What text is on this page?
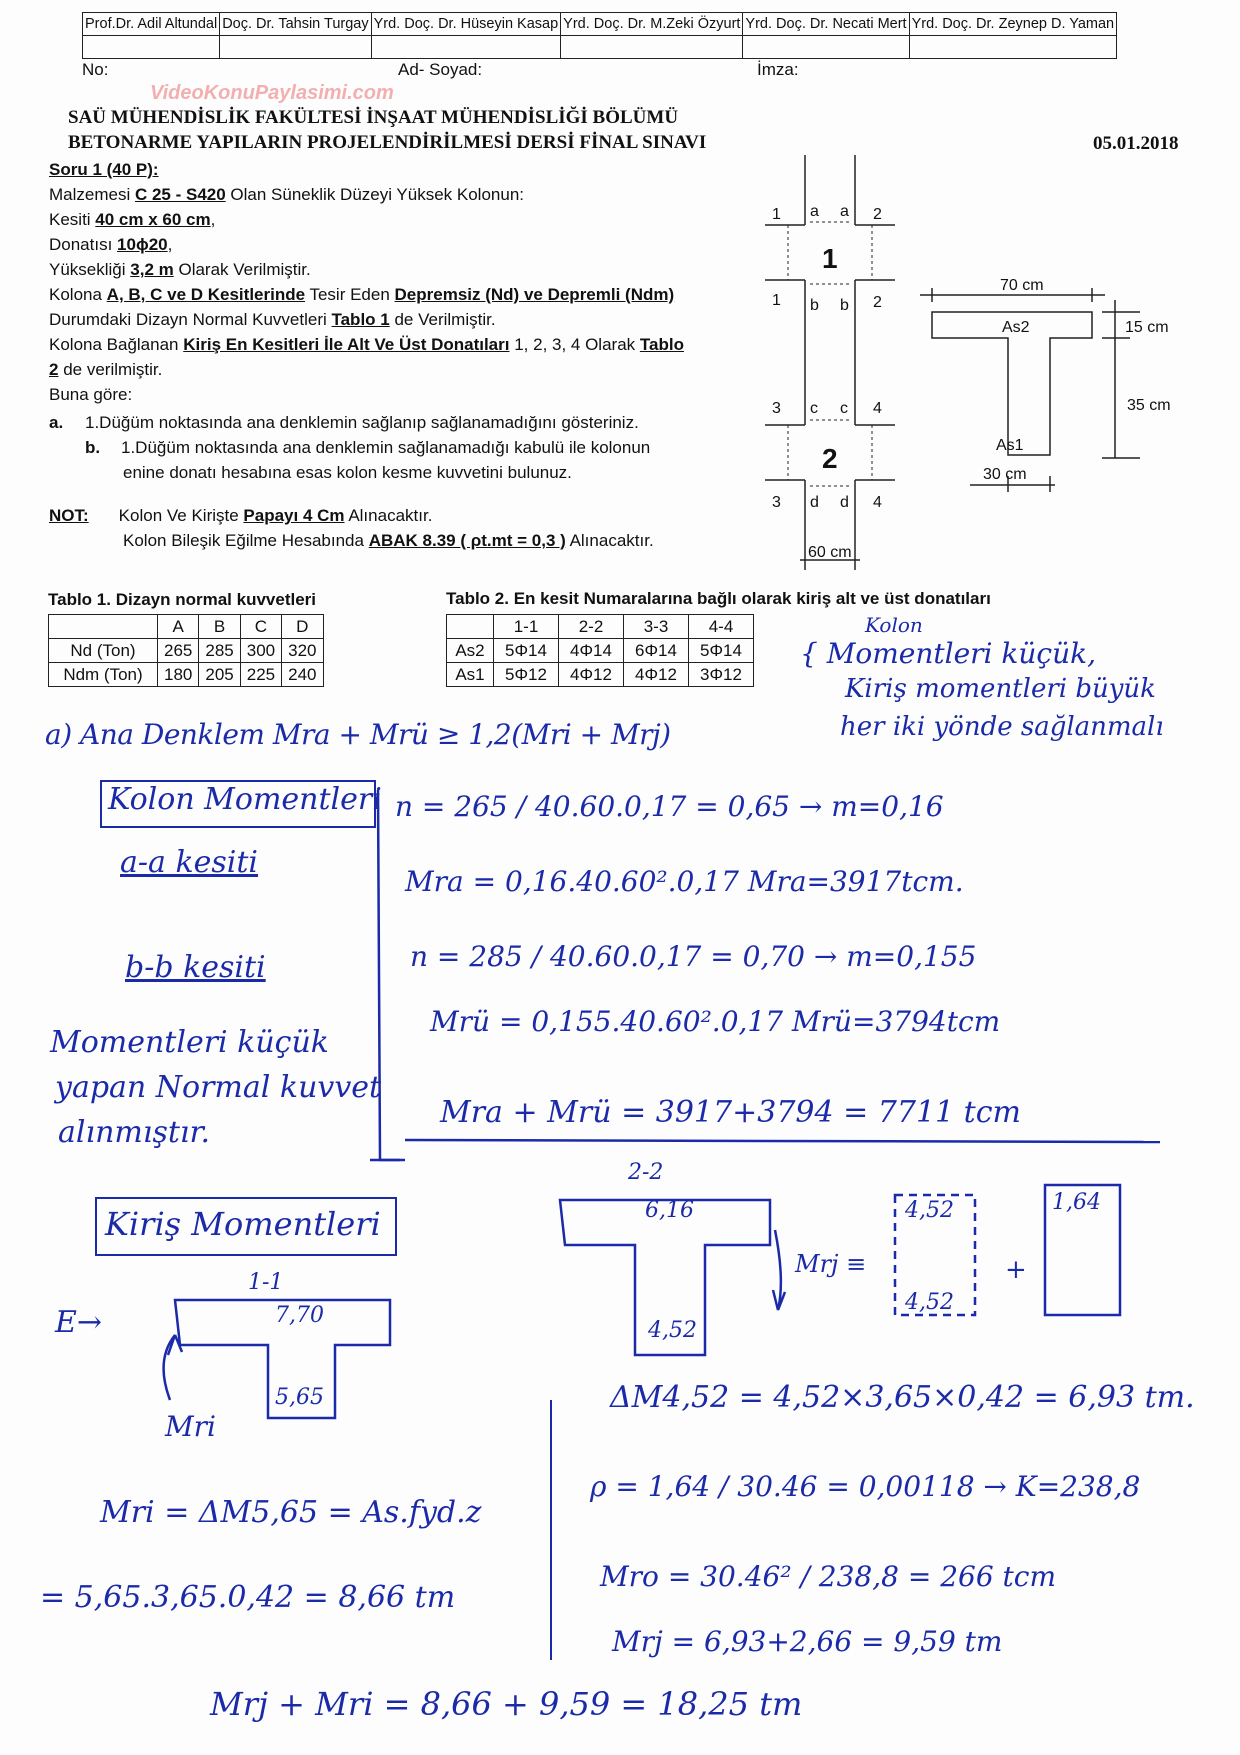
VideoKonuPaylasimi.com
Prof.Dr. Adil Altundal	Doç. Dr. Tahsin Turgay	Yrd. Doç. Dr. Hüseyin Kasap	Yrd. Doç. Dr. M.Zeki Özyurt	Yrd. Doç. Dr. Necati Mert	Yrd. Doç. Dr. Zeynep D. Yaman

No:	Ad- Soyad:	İmza:
SAÜ MÜHENDİSLİK FAKÜLTESİ İNŞAAT MÜHENDİSLİĞİ BÖLÜMÜ
BETONARME YAPILARIN PROJELENDİRİLMESİ DERSİ FİNAL SINAVI	05.01.2018
Soru 1 (40 P):
Malzemesi C 25 - S420 Olan Süneklik Düzeyi Yüksek Kolonun:
Kesiti 40 cm x 60 cm,
Donatısı 10ϕ20,
Yüksekliği 3,2 m Olarak Verilmiştir.
Kolona A, B, C ve D Kesitlerinde Tesir Eden Depremsiz (Nd) ve Depremli (Ndm)
Durumdaki Dizayn Normal Kuvvetleri Tablo 1 de Verilmiştir.
Kolona Bağlanan Kiriş En Kesitleri İle Alt Ve Üst Donatıları 1, 2, 3, 4 Olarak Tablo
2 de verilmiştir.
Buna göre:
a. 1.Düğüm noktasında ana denklemin sağlanıp sağlanamadığını gösteriniz.
b. 1.Düğüm noktasında ana denklemin sağlanamadığı kabulü ile kolonun
enine donatı hesabına esas kolon kesme kuvvetini bulunuz.
NOT: Kolon Ve Kirişte Papayı 4 Cm Alınacaktır.
Kolon Bileşik Eğilme Hesabında ABAK 8.39 ( ρt.mt = 0,3 ) Alınacaktır.
1 a a 2
1 b b 2
3 c c 4
3 d d 4
1
2
60 cm
70 cm
As2	15 cm
35 cm
As1
30 cm
Tablo 1. Dizayn normal kuvvetleri
	A	B	C	D
Nd (Ton)	265	285	300	320
Ndm (Ton)	180	205	225	240
Tablo 2. En kesit Numaralarına bağlı olarak kiriş alt ve üst donatıları
	1-1	2-2	3-3	4-4
As2	5Φ14	4Φ14	6Φ14	5Φ14
As1	5Φ12	4Φ12	4Φ12	3Φ12
Kolon
{ Momentleri küçük,
Kiriş momentleri büyük
her iki yönde sağlanmalı
a) Ana Denklem Mra + Mrü ≥ 1,2(Mri + Mrj)
Kolon Momentleri
a-a kesiti
b-b kesiti
Momentleri küçük
yapan Normal kuvvet
alınmıştır.
n = 265 / 40.60.0,17 = 0,65 → m=0,16
Mra = 0,16.40.60².0,17 Mra=3917tcm.
n = 285 / 40.60.0,17 = 0,70 → m=0,155
Mrü = 0,155.40.60².0,17 Mrü=3794tcm
Mra + Mrü = 3917+3794 = 7711 tcm
Kiriş Momentleri
2-2
6,16
4,52
Mrj ≡
4,52
4,52
+
1,64
1-1
7,70
5,65
E→
Mri
ΔM4,52 = 4,52×3,65×0,42 = 6,93 tm.
ρ = 1,64 / 30.46 = 0,00118 → K=238,8
Mro = 30.46² / 238,8 = 266 tcm
Mrj = 6,93+2,66 = 9,59 tm
Mri = ΔM5,65 = As.fyd.z
= 5,65.3,65.0,42 = 8,66 tm
Mrj + Mri = 8,66 + 9,59 = 18,25 tm
